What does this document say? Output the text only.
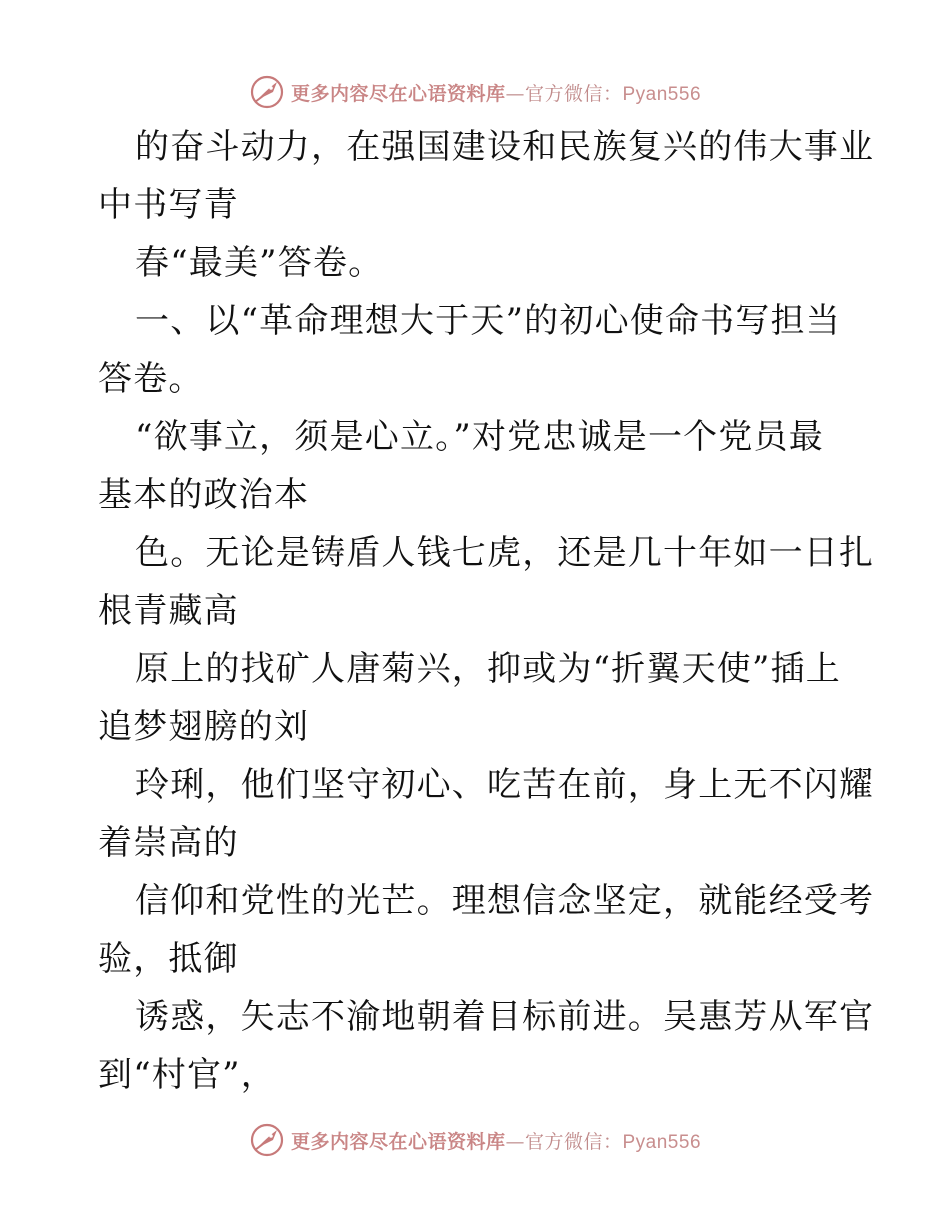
更多内容尽在心语资料库—官方微信：Pyan556
的奋斗动力，在强国建设和民族复兴的伟大事业
中书写青
春“最美”答卷。
一、以“革命理想大于天”的初心使命书写担当
答卷。
“欲事立，须是心立。”对党忠诚是一个党员最
基本的政治本
色。无论是铸盾人钱七虎，还是几十年如一日扎
根青藏高
原上的找矿人唐菊兴，抑或为“折翼天使”插上
追梦翅膀的刘
玲琍，他们坚守初心、吃苦在前，身上无不闪耀
着崇高的
信仰和党性的光芒。理想信念坚定，就能经受考
验，抵御
诱惑，矢志不渝地朝着目标前进。吴惠芳从军官
到“村官”，
更多内容尽在心语资料库—官方微信：Pyan556
